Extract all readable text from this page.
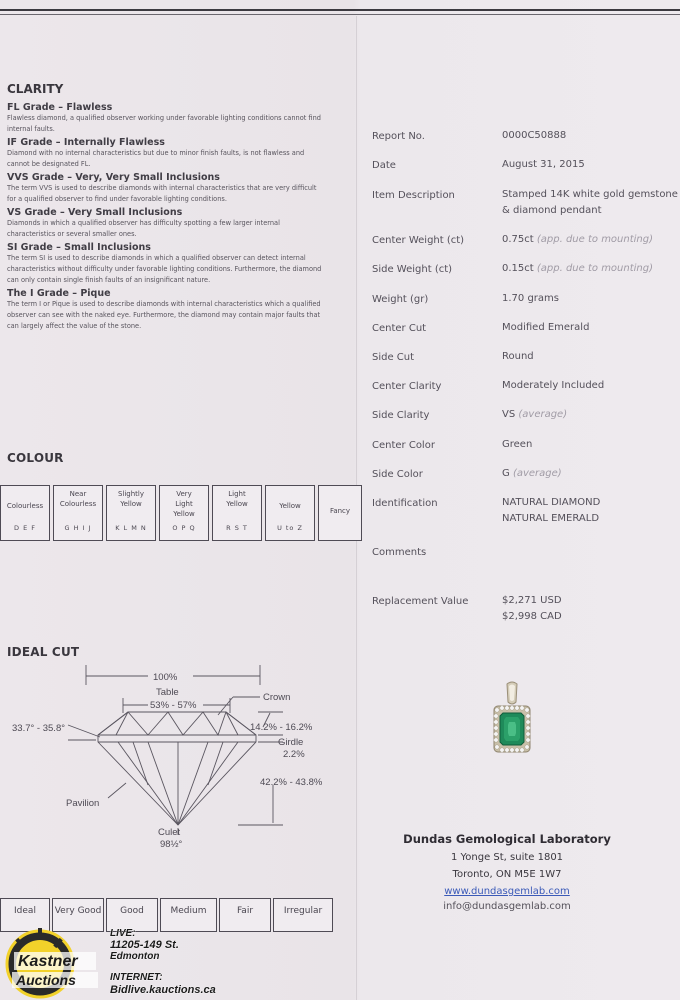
CLARITY
FL Grade – Flawless
Flawless diamond, a qualified observer working under favorable lighting conditions cannot find internal faults.
IF Grade – Internally Flawless
Diamond with no internal characteristics but due to minor finish faults, is not flawless and cannot be designated FL.
VVS Grade – Very, Very Small Inclusions
The term VVS is used to describe diamonds with internal characteristics that are very difficult for a qualified observer to find under favorable lighting conditions.
VS Grade – Very Small Inclusions
Diamonds in which a qualified observer has difficulty spotting a few larger internal characteristics or several smaller ones.
SI Grade – Small Inclusions
The term SI is used to describe diamonds in which a qualified observer can detect internal characteristics without difficulty under favorable lighting conditions. Furthermore, the diamond can only contain single finish faults of an insignificant nature.
The I Grade – Pique
The term I or Pique is used to describe diamonds with internal characteristics which a qualified observer can see with the naked eye. Furthermore, the diamond may contain major faults that can largely affect the value of the stone.
COLOUR
Colourless
D E F
Near Colourless
G H I J
Slightly Yellow
K L M N
Very Light Yellow
O P Q
Light Yellow
R S T
Yellow
U to Z
Fancy
IDEAL CUT
100%
Table
53% - 57%
Crown
33.7° - 35.8°	14.2% - 16.2%
Girdle
2.2%
42.2% - 43.8%
Pavilion
Culet
98½°
Ideal	Very Good	Good	Medium	Fair	Irregular
Kastner
Auctions
LIVE:
11205-149 St.
Edmonton
INTERNET:
Bidlive.kauctions.ca
Report No.	0000C50888
Date	August 31, 2015
Item Description	Stamped 14K white gold gemstone & diamond pendant
Center Weight (ct)	0.75ct (app. due to mounting)
Side Weight (ct)	0.15ct (app. due to mounting)
Weight (gr)	1.70 grams
Center Cut	Modified Emerald
Side Cut	Round
Center Clarity	Moderately Included
Side Clarity	VS (average)
Center Color	Green
Side Color	G (average)
Identification	NATURAL DIAMOND
NATURAL EMERALD
Comments
Replacement Value	$2,271 USD
$2,998 CAD
Dundas Gemological Laboratory
1 Yonge St, suite 1801
Toronto, ON M5E 1W7
www.dundasgemlab.com
info@dundasgemlab.com
